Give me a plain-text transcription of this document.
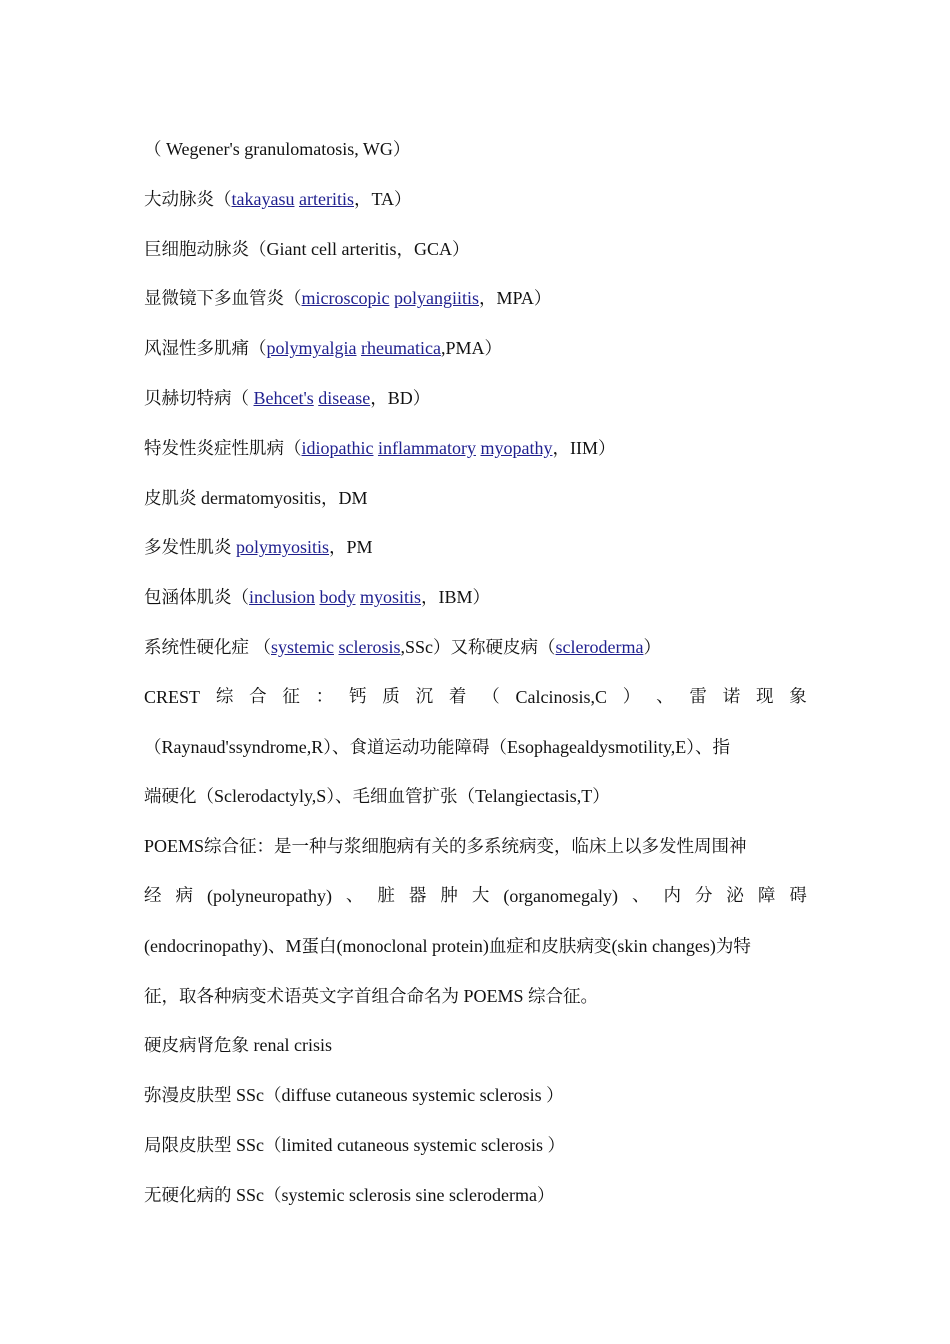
（ Wegener's granulomatosis, WG）
大动脉炎（takayasu arteritis，TA）
巨细胞动脉炎（Giant cell arteritis，GCA）
显微镜下多血管炎（microscopic polyangiitis，MPA）
风湿性多肌痛（polymyalgia rheumatica,PMA）
贝赫切特病（ Behcet's disease，BD）
特发性炎症性肌病（idiopathic inflammatory myopathy，IIM）
皮肌炎 dermatomyositis，DM
多发性肌炎 polymyositis，PM
包涵体肌炎（inclusion body myositis，IBM）
系统性硬化症 （systemic sclerosis,SSc）又称硬皮病（scleroderma）
CREST 综 合 征 ： 钙 质 沉 着 （ Calcinosis,C ） 、 雷 诺 现 象
（Raynaud'ssyndrome,R）、食道运动功能障碍（Esophagealdysmotility,E）、指
端硬化（Sclerodactyly,S）、毛细血管扩张（Telangiectasis,T）
POEMS综合征：是一种与浆细胞病有关的多系统病变，临床上以多发性周围神
经 病 (polyneuropathy) 、 脏 器 肿 大 (organomegaly) 、 内 分 泌 障 碍
(endocrinopathy)、M蛋白(monoclonal protein)血症和皮肤病变(skin changes)为特
征，取各种病变术语英文字首组合命名为 POEMS 综合征。
硬皮病肾危象 renal crisis
弥漫皮肤型 SSc（diffuse cutaneous systemic sclerosis ）
局限皮肤型 SSc（limited cutaneous systemic sclerosis ）
无硬化病的 SSc（systemic sclerosis sine scleroderma）
